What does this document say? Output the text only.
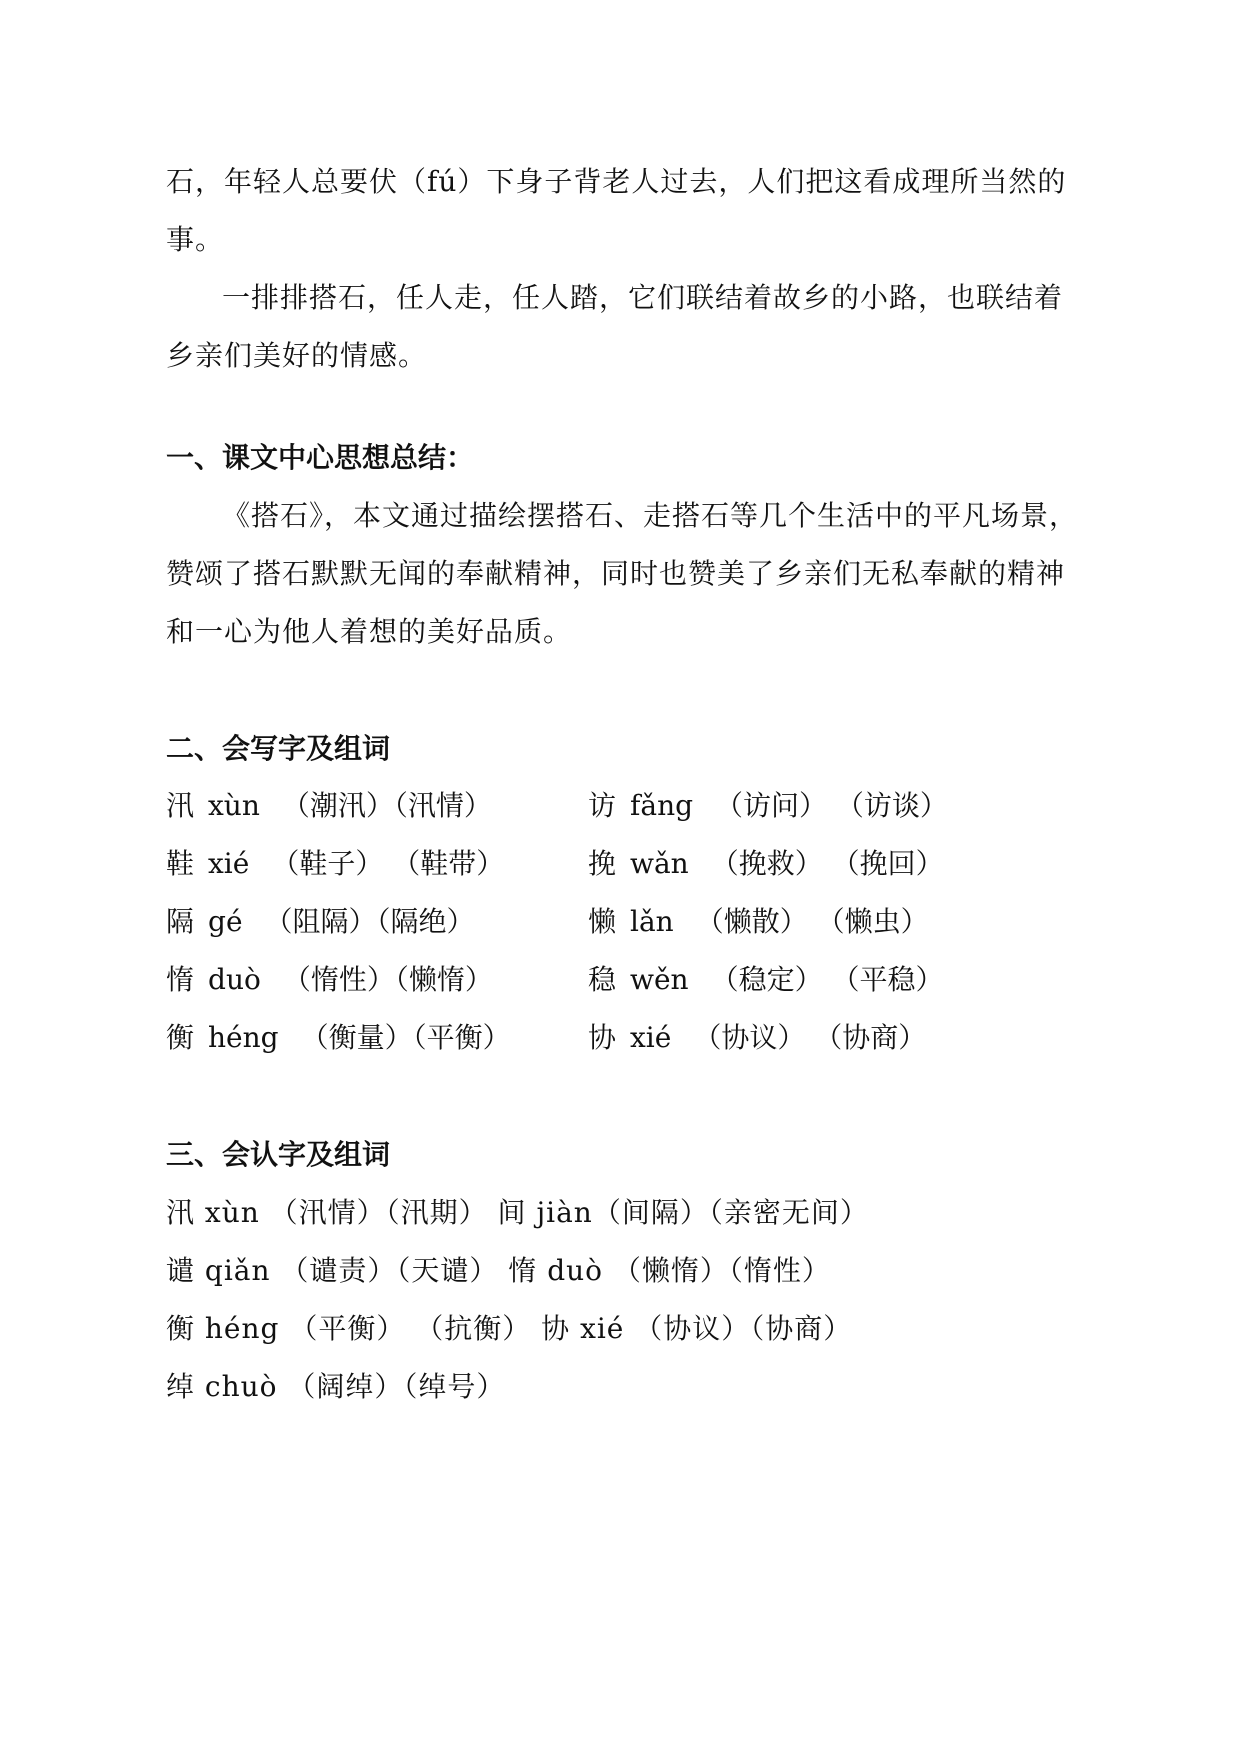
石，年轻人总要伏（fú）下身子背老人过去，人们把这看成理所当然的
事。
一排排搭石，任人走，任人踏，它们联结着故乡的小路，也联结着
乡亲们美好的情感。
一、课文中心思想总结：
《搭石》，本文通过描绘摆搭石、走搭石等几个生活中的平凡场景，
赞颂了搭石默默无闻的奉献精神，同时也赞美了乡亲们无私奉献的精神
和一心为他人着想的美好品质。
二、会写字及组词
汛 xùn （潮汛）（汛情）	访 fǎng （访问） （访谈）
鞋 xié （鞋子） （鞋带）	挽 wǎn （挽救） （挽回）
隔 gé （阻隔）（隔绝）	懒 lǎn （懒散） （懒虫）
惰 duò （惰性）（懒惰）	稳 wěn （稳定） （平稳）
衡 héng （衡量）（平衡）	协 xié （协议） （协商）
三、会认字及组词
汛 xùn （汛情）（汛期） 间 jiàn（间隔）（亲密无间）
谴 qiǎn （谴责）（天谴） 惰 duò （懒惰）（惰性）
衡 héng （平衡） （抗衡） 协 xié （协议）（协商）
绰 chuò （阔绰）（绰号）
